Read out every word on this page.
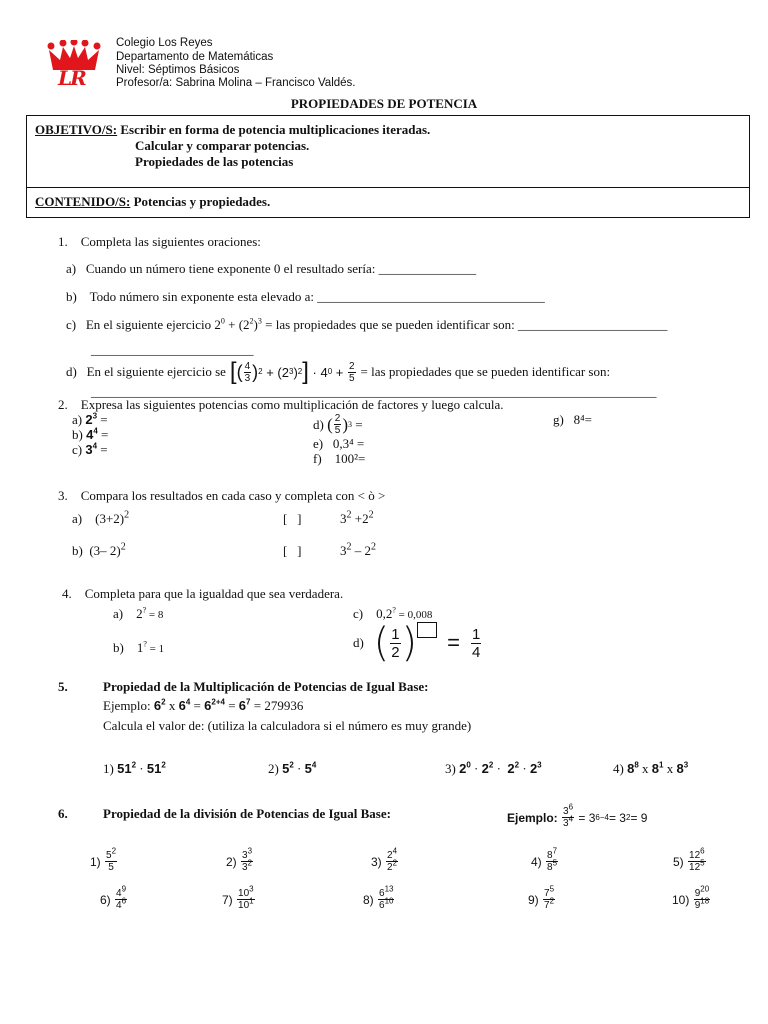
LR
Colegio Los Reyes
Departamento de Matemáticas
Nivel: Séptimos Básicos
Profesor/a: Sabrina Molina – Francisco Valdés.
PROPIEDADES DE POTENCIA
OBJETIVO/S: Escribir en forma de potencia multiplicaciones iteradas.
Calcular y comparar potencias.
Propiedades de las potencias
CONTENIDO/S: Potencias y propiedades.
1.    Completa las siguientes oraciones:
a)   Cuando un número tiene exponente 0 el resultado sería: _______________
b)    Todo número sin exponente esta elevado a: ___________________________________
c)   En el siguiente ejercicio $2^0 + (2^2)^3$ = las propiedades que se pueden identificar son: _______________________
_________________________
d)   En el siguiente ejercicio se [ ( $\frac{4}{3}$ ) 2 + (2 3 ) 2 ] · 4 $0 + \frac{2}{5}$ = las propiedades que se pueden identificar son:
_______________________________________________________________________________________
2.    Expresa las siguientes potencias como multiplicación de factores y luego calcula.
a) $2^3$ =
b) $4^4$ =
c) $3^4$ =
d)
( $\frac{2}{5}$ ) 3 =
e)   0,3⁴ =
f)    100²=
g)   8⁴=
3.    Compara los resultados en cada caso y completa con < ò >
a)    $(3+2)^2$	[   ]	$3^2 +2^2$
b)  (3– 2)$^2$	[   ]	$3^2 - 2^2$
4.    Completa para que la igualdad que sea verdadera.
a)    2? = 8
b)    1? = 1
c)    0,2? = 0,008
d)
( $\frac{1}{2}$ ) = $\frac{1}{4}$
5.	Propiedad de la Multiplicación de Potencias de Igual Base:
Ejemplo: $6^2$ x $6^4 = 6^{2+4} = 6^7 = 279936$
Calcula el valor de: (utiliza la calculadora si el número es muy grande)
1) $51^2 \cdot 51^2$	2) $5^2 \cdot 5^4$	3) $2^0 \cdot 2^2 \cdot 2^2 \cdot 2^3$	4) $8^8$ x $8^1$ x $8^3$
6.	Propiedad de la división de Potencias de Igual Base:	Ejemplo:
$\frac{3^6}{3^4} = 3$ 6−4 = 3 2 = 9
1)
$\frac{5^2}{5}$	2)
$\frac{3^3}{3^2}$	3)
$\frac{2^4}{2^2}$	4)
$\frac{8^7}{8^5}$	5)
$\frac{12^6}{12^5}$
6)
$\frac{4^9}{4^6}$	7)
$\frac{10^3}{10^1}$	8)
$\frac{6^{13}}{6^{10}}$	9)
$\frac{7^5}{7^2}$	10)
$\frac{9^{20}}{9^{18}}$
